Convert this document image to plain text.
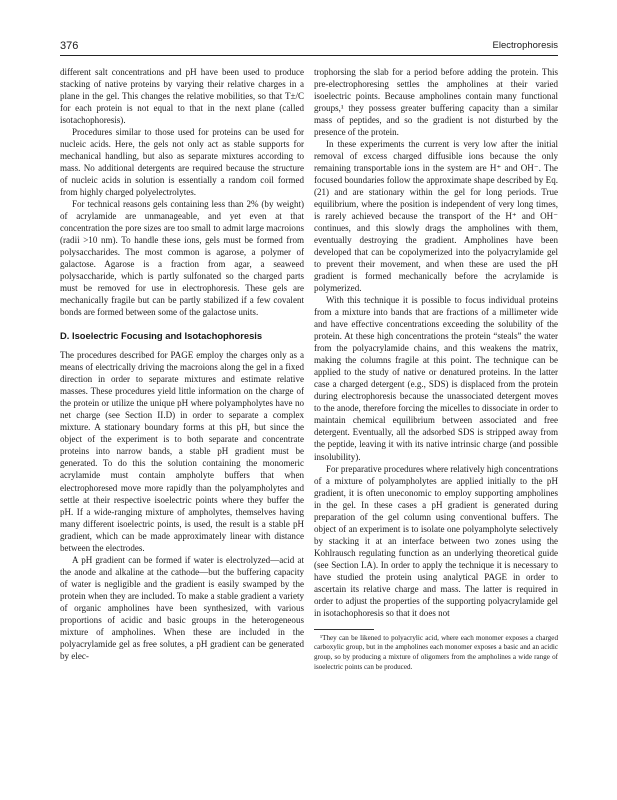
376	Electrophoresis

different salt concentrations and pH have been used to produce stacking of native proteins by varying their relative charges in a plane in the gel. This changes the relative mobilities, so that T±/C for each protein is not equal to that in the next plane (called isotachophoresis).

Procedures similar to those used for proteins can be used for nucleic acids. Here, the gels not only act as stable supports for mechanical handling, but also as separate mixtures according to mass. No additional detergents are required because the structure of nucleic acids in solution is essentially a random coil formed from highly charged polyelectrolytes.

For technical reasons gels containing less than 2% (by weight) of acrylamide are unmanageable, and yet even at that concentration the pore sizes are too small to admit large macroions (radii >10 nm). To handle these ions, gels must be formed from polysaccharides. The most common is agarose, a polymer of galactose. Agarose is a fraction from agar, a seaweed polysaccharide, which is partly sulfonated so the charged parts must be removed for use in electrophoresis. These gels are mechanically fragile but can be partly stabilized if a few covalent bonds are formed between some of the galactose units.

D. Isoelectric Focusing and Isotachophoresis

The procedures described for PAGE employ the charges only as a means of electrically driving the macroions along the gel in a fixed direction in order to separate mixtures and estimate relative masses. These procedures yield little information on the charge of the protein or utilize the unique pH where polyampholytes have no net charge (see Section II.D) in order to separate a complex mixture. A stationary boundary forms at this pH, but since the object of the experiment is to both separate and concentrate proteins into narrow bands, a stable pH gradient must be generated. To do this the solution containing the monomeric acrylamide must contain ampholyte buffers that when electrophoresed move more rapidly than the polyampholytes and settle at their respective isoelectric points where they buffer the pH. If a wide-ranging mixture of ampholytes, themselves having many different isoelectric points, is used, the result is a stable pH gradient, which can be made approximately linear with distance between the electrodes.

A pH gradient can be formed if water is electrolyzed—acid at the anode and alkaline at the cathode—but the buffering capacity of water is negligible and the gradient is easily swamped by the protein when they are included. To make a stable gradient a variety of organic ampholines have been synthesized, with various proportions of acidic and basic groups in the heterogeneous mixture of ampholines. When these are included in the polyacrylamide gel as free solutes, a pH gradient can be generated by elec-

trophorsing the slab for a period before adding the protein. This pre-electrophoresing settles the ampholines at their varied isoelectric points. Because ampholines contain many functional groups,¹ they possess greater buffering capacity than a similar mass of peptides, and so the gradient is not disturbed by the presence of the protein.

In these experiments the current is very low after the initial removal of excess charged diffusible ions because the only remaining transportable ions in the system are H⁺ and OH⁻. The focused boundaries follow the approximate shape described by Eq. (21) and are stationary within the gel for long periods. True equilibrium, where the position is independent of very long times, is rarely achieved because the transport of the H⁺ and OH⁻ continues, and this slowly drags the ampholines with them, eventually destroying the gradient. Ampholines have been developed that can be copolymerized into the polyacrylamide gel to prevent their movement, and when these are used the pH gradient is formed mechanically before the acrylamide is polymerized.

With this technique it is possible to focus individual proteins from a mixture into bands that are fractions of a millimeter wide and have effective concentrations exceeding the solubility of the protein. At these high concentrations the protein “steals” the water from the polyacrylamide chains, and this weakens the matrix, making the columns fragile at this point. The technique can be applied to the study of native or denatured proteins. In the latter case a charged detergent (e.g., SDS) is displaced from the protein during electrophoresis because the unassociated detergent moves to the anode, therefore forcing the micelles to dissociate in order to maintain chemical equilibrium between associated and free detergent. Eventually, all the adsorbed SDS is stripped away from the peptide, leaving it with its native intrinsic charge (and possible insolubility).

For preparative procedures where relatively high concentrations of a mixture of polyampholytes are applied initially to the pH gradient, it is often uneconomic to employ supporting ampholines in the gel. In these cases a pH gradient is generated during preparation of the gel column using conventional buffers. The object of an experiment is to isolate one polyampholyte selectively by stacking it at an interface between two zones using the Kohlrausch regulating function as an underlying theoretical guide (see Section I.A). In order to apply the technique it is necessary to have studied the protein using analytical PAGE in order to ascertain its relative charge and mass. The latter is required in order to adjust the properties of the supporting polyacrylamide gel in isotachophoresis so that it does not

¹They can be likened to polyacrylic acid, where each monomer exposes a charged carboxylic group, but in the ampholines each monomer exposes a basic and an acidic group, so by producing a mixture of oligomers from the ampholines a wide range of isoelectric points can be produced.
